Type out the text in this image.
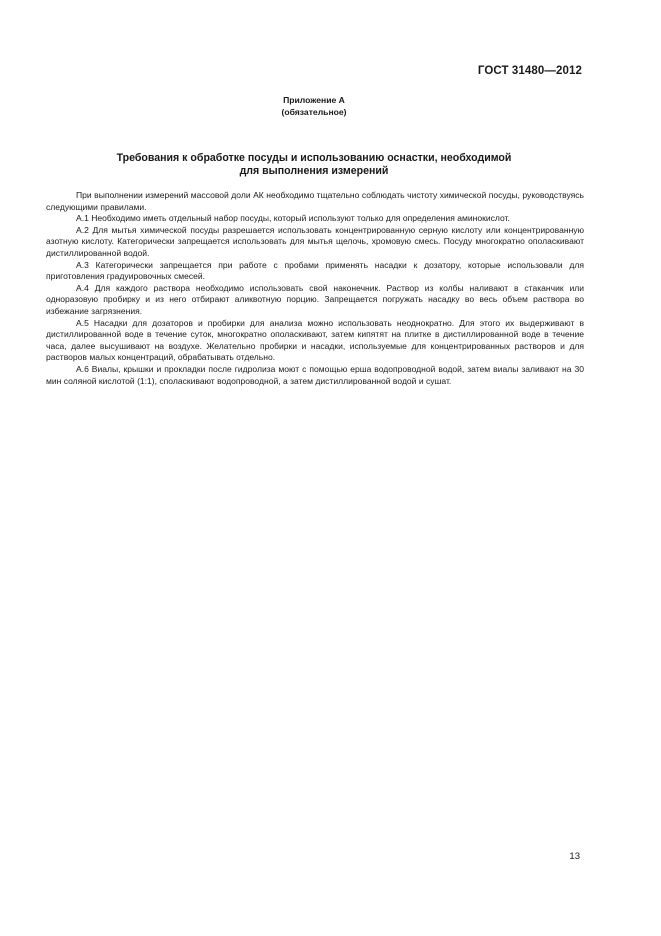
ГОСТ 31480—2012
Приложение А
(обязательное)
Требования к обработке посуды и использованию оснастки, необходимой
для выполнения измерений

При выполнении измерений массовой доли АК необходимо тщательно соблюдать чистоту химической посуды, руководствуясь следующими правилами.

А.1 Необходимо иметь отдельный набор посуды, который используют только для определения аминокислот.

А.2 Для мытья химической посуды разрешается использовать концентрированную серную кислоту или концентрированную азотную кислоту. Категорически запрещается использовать для мытья щелочь, хромовую смесь. Посуду многократно ополаскивают дистиллированной водой.

А.3 Категорически запрещается при работе с пробами применять насадки к дозатору, которые использовали для приготовления градуировочных смесей.

А.4 Для каждого раствора необходимо использовать свой наконечник. Раствор из колбы наливают в стаканчик или одноразовую пробирку и из него отбирают аликвотную порцию. Запрещается погружать насадку во весь объем раствора во избежание загрязнения.

А.5 Насадки для дозаторов и пробирки для анализа можно использовать неоднократно. Для этого их выдерживают в дистиллированной воде в течение суток, многократно ополаскивают, затем кипятят на плитке в дистиллированной воде в течение часа, далее высушивают на воздухе. Желательно пробирки и насадки, используемые для концентрированных растворов и для растворов малых концентраций, обрабатывать отдельно.

А.6 Виалы, крышки и прокладки после гидролиза моют с помощью ерша водопроводной водой, затем виалы заливают на 30 мин соляной кислотой (1:1), споласкивают водопроводной, а затем дистиллированной водой и сушат.

13
